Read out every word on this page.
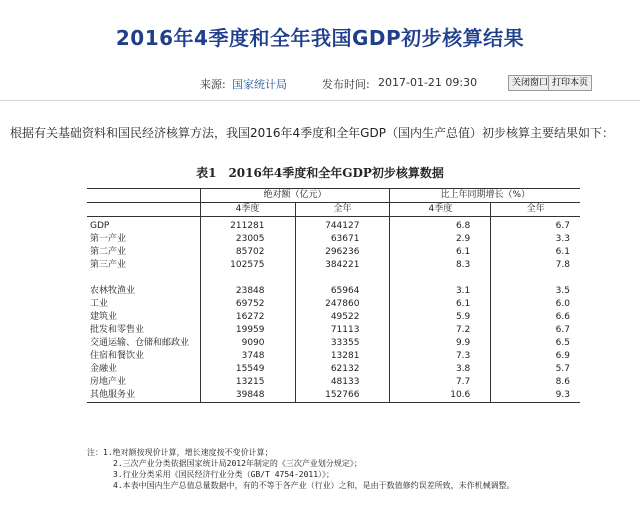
2016年4季度和全年我国GDP初步核算结果
来源: 国家统计局	发布时间: 2017-01-21 09:30	关闭窗口 打印本页
根据有关基础资料和国民经济核算方法，我国2016年4季度和全年GDP（国内生产总值）初步核算主要结果如下：
表1　2016年4季度和全年GDP初步核算数据
	绝对额（亿元）		比上年同期增长（%）	
	4季度	全年	4季度	全年
GDP	211281	744127	6.8	6.7
第一产业	23005	63671	2.9	3.3
第二产业	85702	296236	6.1	6.1
第三产业	102575	384221	8.3	7.8

农林牧渔业	23848	65964	3.1	3.5
工业	69752	247860	6.1	6.0
建筑业	16272	49522	5.9	6.6
批发和零售业	19959	71113	7.2	6.7
交通运输、仓储和邮政业	9090	33355	9.9	6.5
住宿和餐饮业	3748	13281	7.3	6.9
金融业	15549	62132	3.8	5.7
房地产业	13215	48133	7.7	8.6
其他服务业	39848	152766	10.6	9.3
注：1.绝对额按现价计算，增长速度按不变价计算；
2.三次产业分类依据国家统计局2012年制定的《三次产业划分规定》；
3.行业分类采用《国民经济行业分类（GB/T 4754-2011）》；
4.本表中国内生产总值总量数据中，有的不等于各产业（行业）之和，是由于数值修约误差所致，未作机械调整。
